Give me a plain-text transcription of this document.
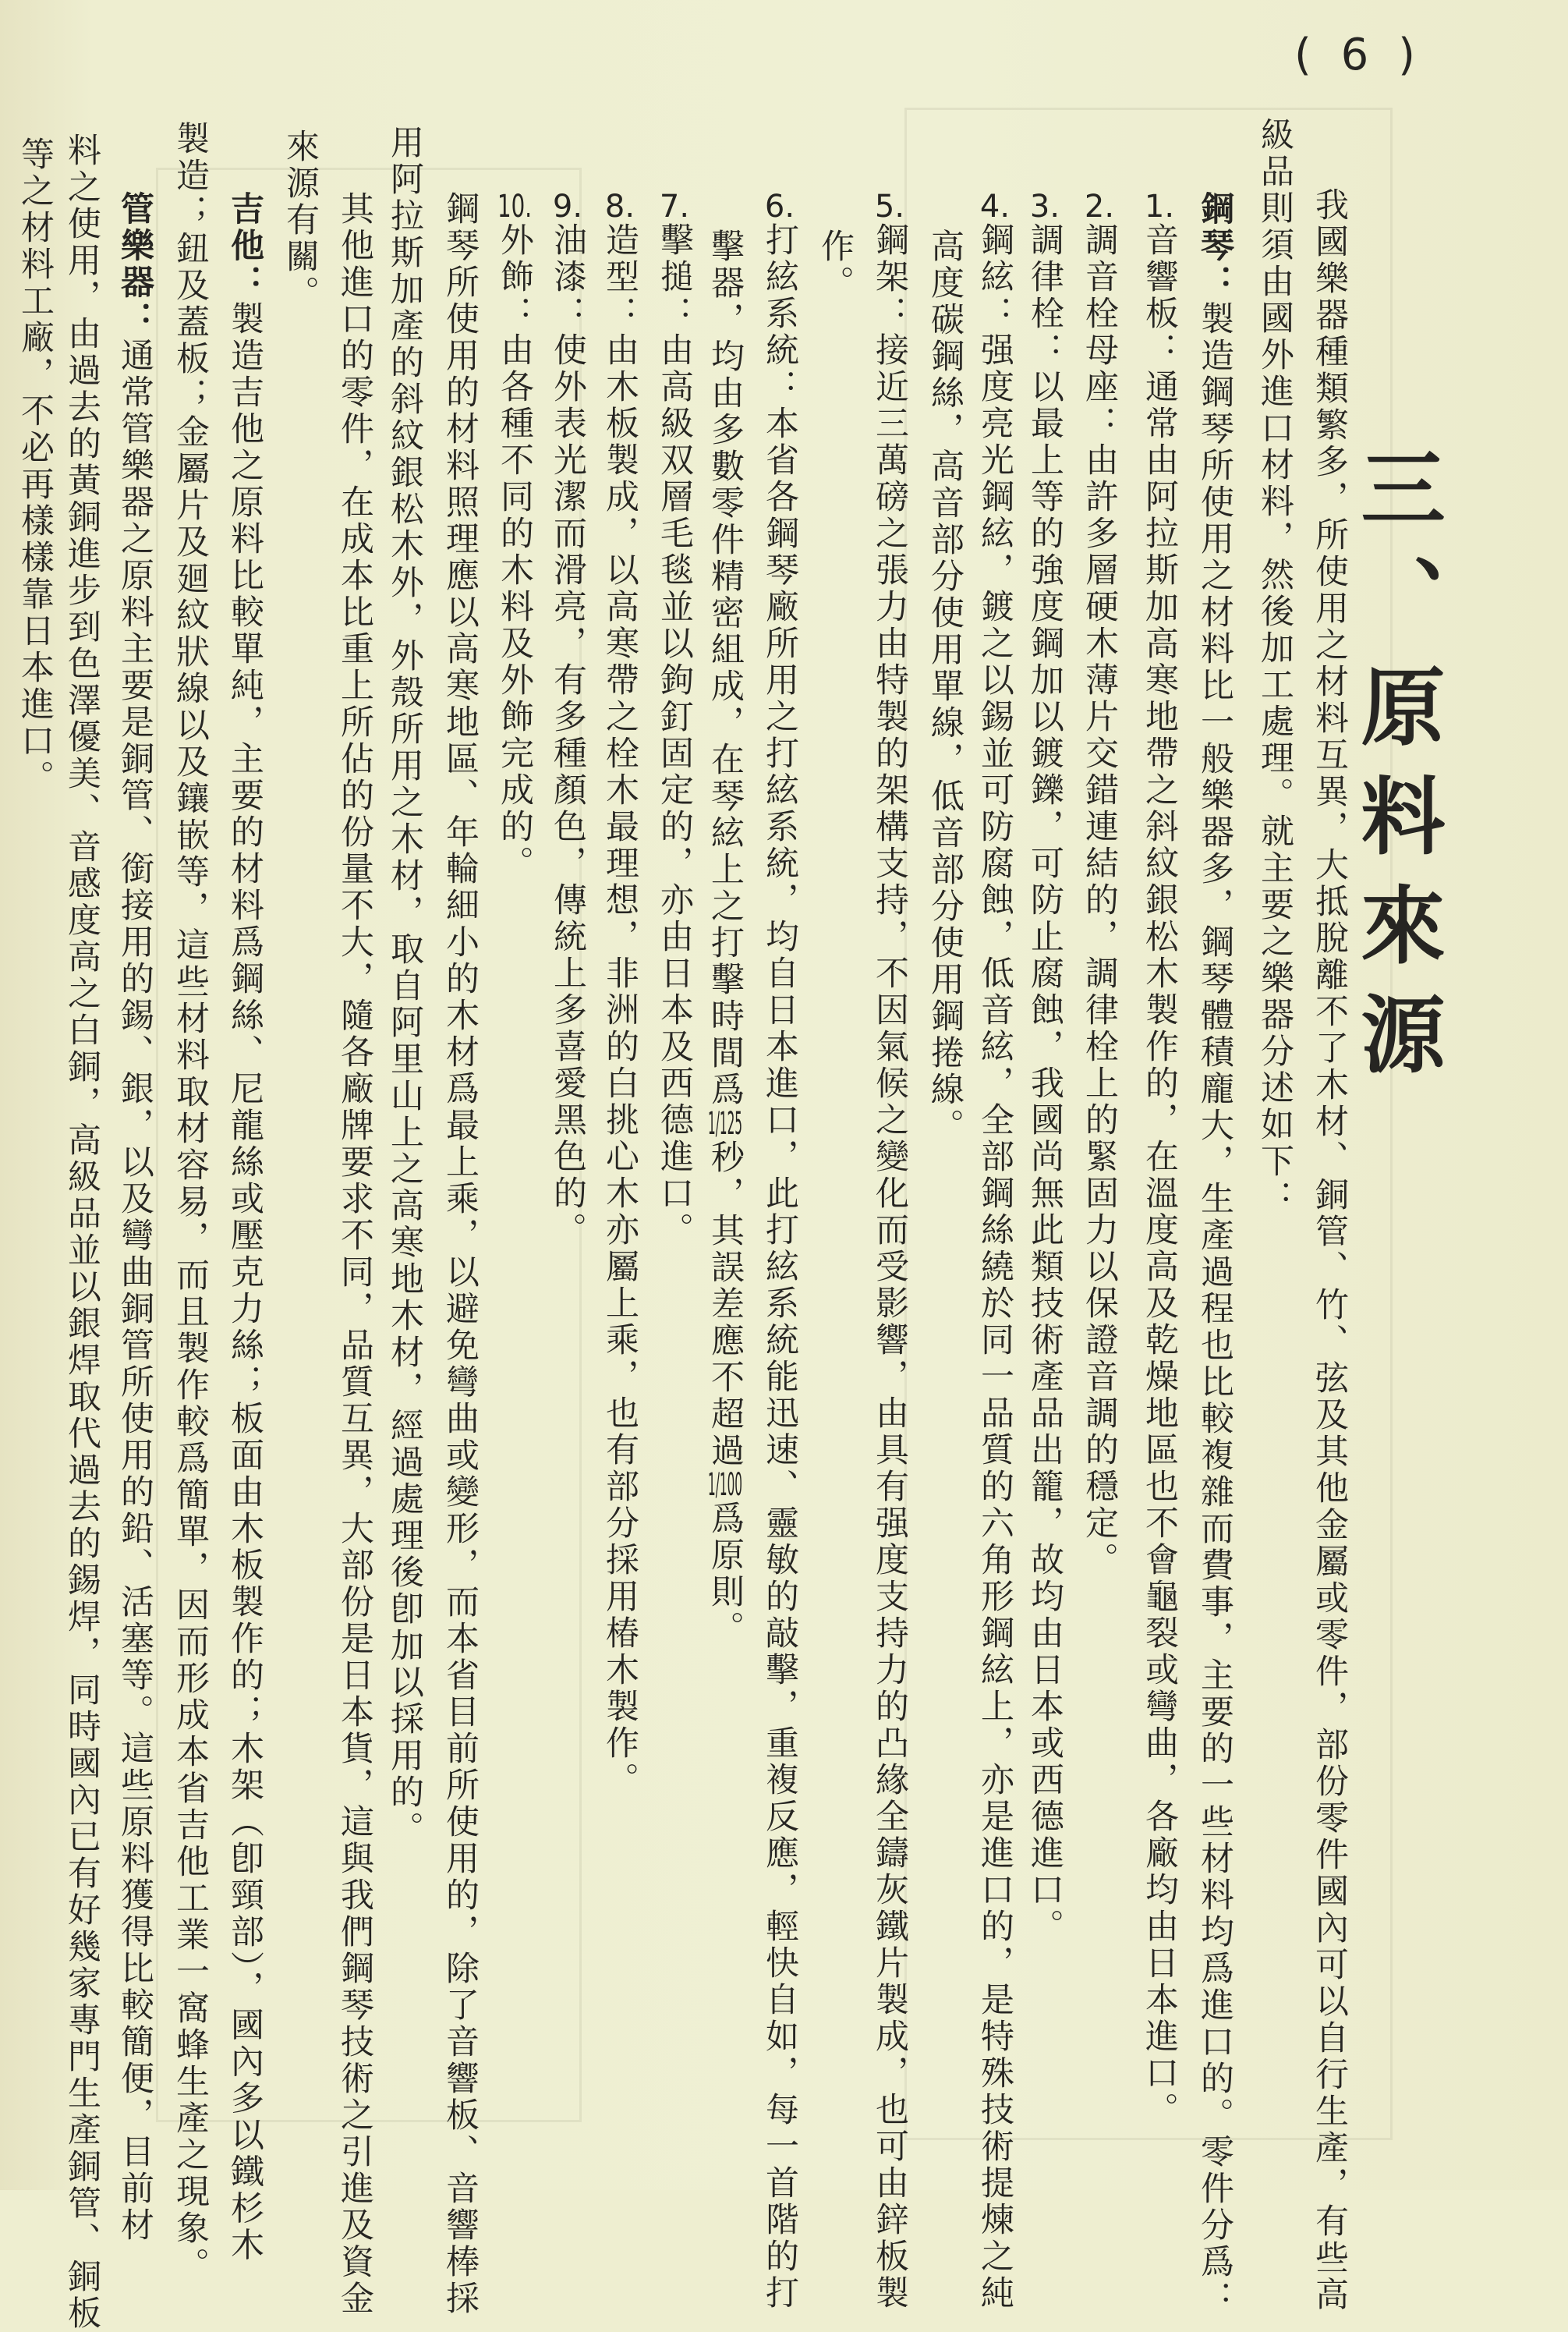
( 6 )
三、原料來源
我國樂器種類繁多，所使用之材料互異，大抵脫離不了木材、銅管、竹、弦及其他金屬或零件，部份零件國內可以自行生產，有些高
級品則須由國外進口材料，然後加工處理。就主要之樂器分述如下：
鋼琴：製造鋼琴所使用之材料比一般樂器多，鋼琴體積龐大，生產過程也比較複雜而費事，主要的一些材料均爲進口的。零件分爲：
1.音響板：通常由阿拉斯加高寒地帶之斜紋銀松木製作的，在溫度高及乾燥地區也不會龜裂或彎曲，各廠均由日本進口。
2.調音栓母座：由許多層硬木薄片交錯連結的，調律栓上的緊固力以保證音調的穩定。
3.調律栓：以最上等的強度鋼加以鍍鑠，可防止腐蝕，我國尚無此類技術產品出籠，故均由日本或西德進口。
4.鋼絃：强度亮光鋼絃，鍍之以錫並可防腐蝕，低音絃，全部鋼絲繞於同一品質的六角形鋼絃上，亦是進口的，是特殊技術提煉之純
高度碳鋼絲，高音部分使用單線，低音部分使用鋼捲線。
5.鋼架：接近三萬磅之張力由特製的架構支持，不因氣候之變化而受影響，由具有强度支持力的凸緣全鑄灰鐵片製成，也可由鋅板製
作。
6.打絃系統：本省各鋼琴廠所用之打絃系統，均自日本進口，此打絃系統能迅速、靈敏的敲擊，重複反應，輕快自如，每一首階的打
擊器，均由多數零件精密組成，在琴絃上之打擊時間爲1/125秒，其誤差應不超過1/100爲原則。
7.擊搥：由高級双層毛毯並以鉤釘固定的，亦由日本及西德進口。
8.造型：由木板製成，以高寒帶之栓木最理想，非洲的白挑心木亦屬上乘，也有部分採用椿木製作。
9.油漆：使外表光潔而滑亮，有多種顏色，傳統上多喜愛黑色的。
10.外飾：由各種不同的木料及外飾完成的。
鋼琴所使用的材料照理應以高寒地區、年輪細小的木材爲最上乘，以避免彎曲或變形，而本省目前所使用的，除了音響板、音響棒採
用阿拉斯加產的斜紋銀松木外，外殼所用之木材，取自阿里山上之高寒地木材，經過處理後卽加以採用的。
其他進口的零件，在成本比重上所佔的份量不大，隨各廠牌要求不同，品質互異，大部份是日本貨，這與我們鋼琴技術之引進及資金
來源有關。
吉他：製造吉他之原料比較單純，主要的材料爲鋼絲、尼龍絲或壓克力絲；板面由木板製作的；木架（卽頸部），國內多以鐵杉木
製造；鈕及蓋板；金屬片及廻紋狀線以及鑲嵌等，這些材料取材容易，而且製作較爲簡單，因而形成本省吉他工業一窩蜂生產之現象。
管樂器：通常管樂器之原料主要是銅管、銜接用的錫、銀，以及彎曲銅管所使用的鉛、活塞等。這些原料獲得比較簡便，目前材
料之使用，由過去的黃銅進步到色澤優美、音感度高之白銅，高級品並以銀焊取代過去的錫焊，同時國內已有好幾家專門生產銅管、銅板
等之材料工廠，不必再樣樣靠日本進口。
